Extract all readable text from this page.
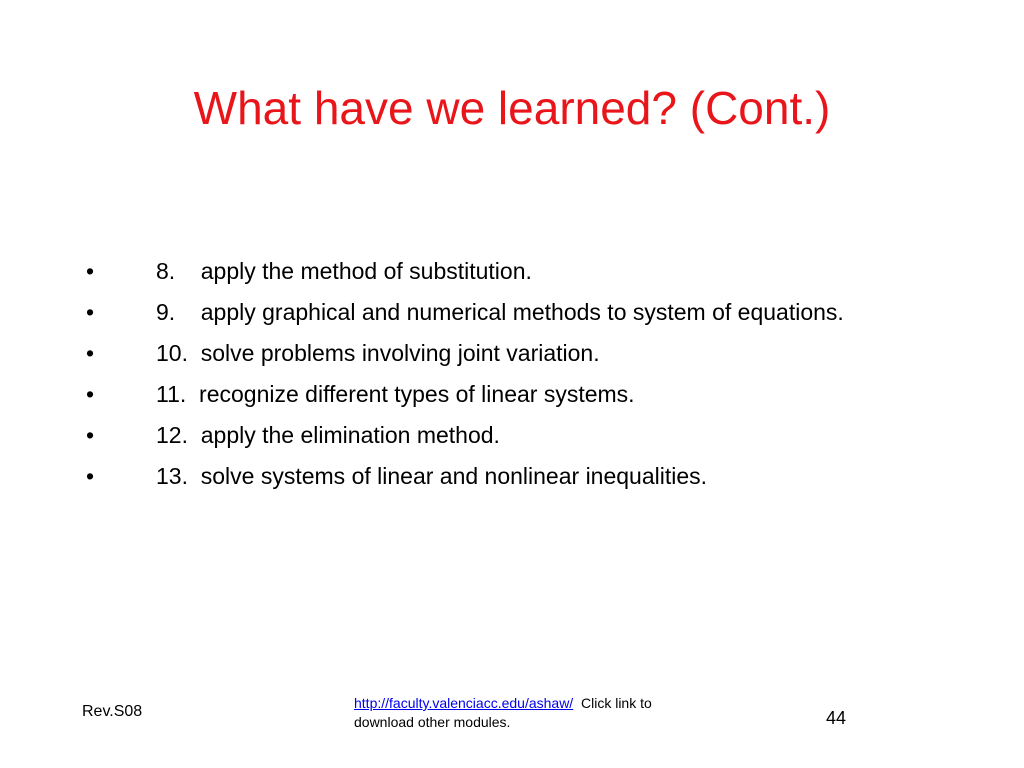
What have we learned? (Cont.)
•	8.    apply the method of substitution.
•	9.    apply graphical and numerical methods to system of equations.
•	10.  solve problems involving joint variation.
•	11.  recognize different types of linear systems.
•	12.  apply the elimination method.
•	13.  solve systems of linear and nonlinear inequalities.
Rev.S08	http://faculty.valenciacc.edu/ashaw/  Click link to download other modules.	44
